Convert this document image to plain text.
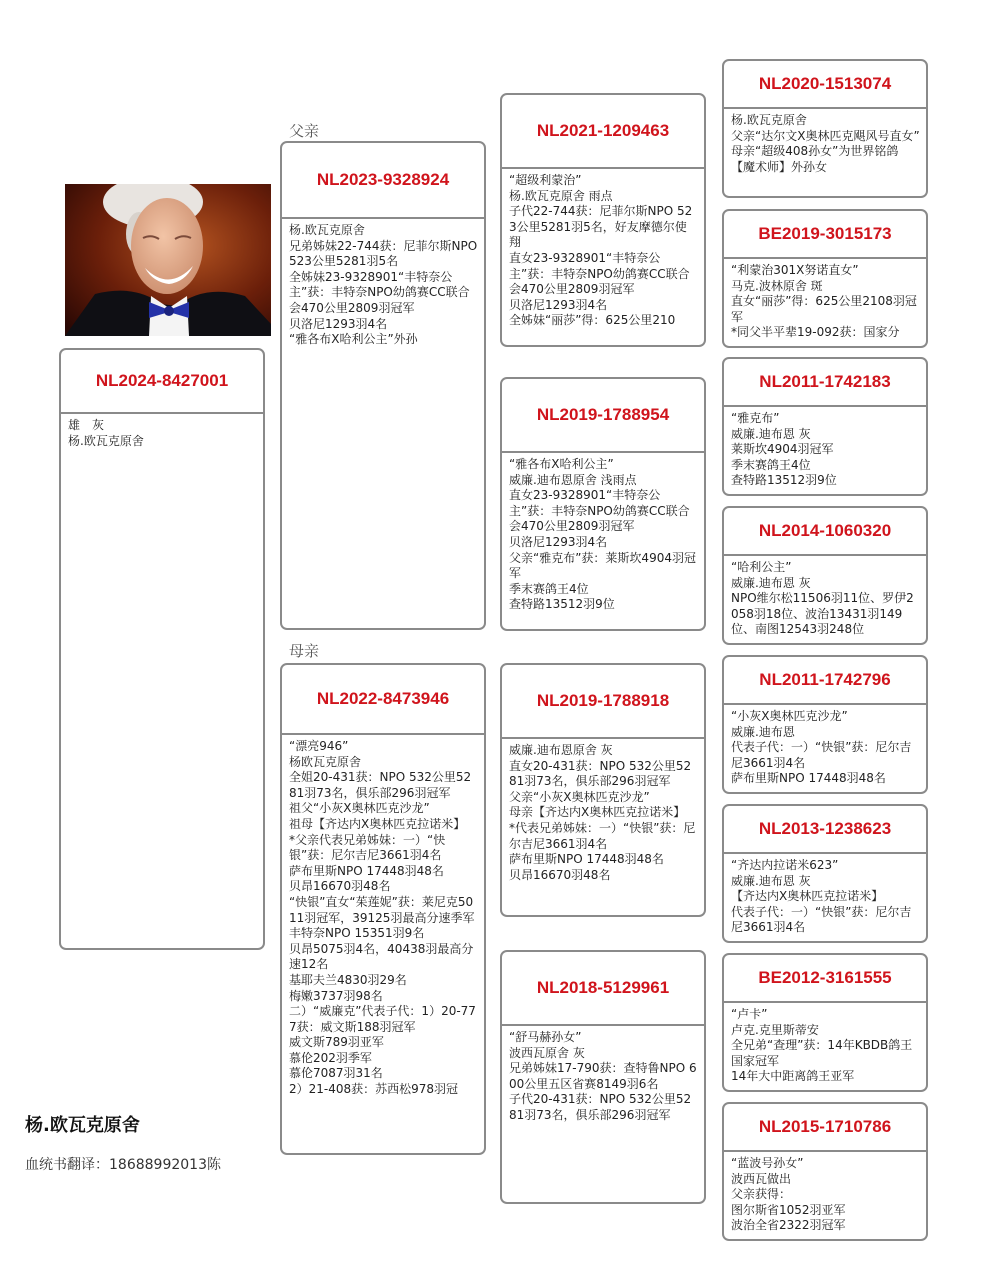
父亲
母亲
NL2024-8427001
雄　灰
杨.欧瓦克原舍
NL2023-9328924
杨.欧瓦克原舍
兄弟姊妹22-744获：尼菲尔斯NPO 523公里5281羽5名
全姊妹23-9328901“丰特奈公主”获：丰特奈NPO幼鸽赛CC联合会470公里2809羽冠军
贝洛尼1293羽4名
“雅各布X哈利公主”外孙
NL2022-8473946
“漂亮946”
杨欧瓦克原舍
全姐20-431获：NPO 532公里5281羽73名，俱乐部296羽冠军
祖父“小灰X奥林匹克沙龙”
祖母【齐达内X奥林匹克拉诺米】
*父亲代表兄弟姊妹：一）“快银”获：尼尔吉尼3661羽4名
萨布里斯NPO 17448羽48名
贝昂16670羽48名
“快银”直女“茱莲妮”获：莱尼克5011羽冠军，39125羽最高分速季军
丰特奈NPO 15351羽9名
贝昂5075羽4名，40438羽最高分速12名
基耶夫兰4830羽29名
梅嫩3737羽98名
二）“威廉克”代表子代：1）20-777获：威文斯188羽冠军
威文斯789羽亚军
慕伦202羽季军
慕伦7087羽31名
2）21-408获：苏西松978羽冠
NL2021-1209463
“超级利蒙治”
杨.欧瓦克原舍 雨点
子代22-744获：尼菲尔斯NPO 523公里5281羽5名，好友摩德尔使翔
直女23-9328901“丰特奈公主”获：丰特奈NPO幼鸽赛CC联合会470公里2809羽冠军
贝洛尼1293羽4名
全姊妹“丽莎”得：625公里210
NL2019-1788954
“雅各布X哈利公主”
威廉.迪布恩原舍 浅雨点
直女23-9328901“丰特奈公主”获：丰特奈NPO幼鸽赛CC联合会470公里2809羽冠军
贝洛尼1293羽4名
父亲“雅克布”获：莱斯坎4904羽冠军
季末赛鸽王4位
查特路13512羽9位
NL2019-1788918
威廉.迪布恩原舍 灰
直女20-431获：NPO 532公里5281羽73名，俱乐部296羽冠军
父亲“小灰X奥林匹克沙龙”
母亲【齐达内X奥林匹克拉诺米】
*代表兄弟姊妹：一）“快银”获：尼尔吉尼3661羽4名
萨布里斯NPO 17448羽48名
贝昂16670羽48名
NL2018-5129961
“舒马赫孙女”
波西瓦原舍 灰
兄弟姊妹17-790获：查特鲁NPO 600公里五区省赛8149羽6名
子代20-431获：NPO 532公里5281羽73名，俱乐部296羽冠军
NL2020-1513074
杨.欧瓦克原舍
父亲“达尔文X奥林匹克飓风号直女”
母亲“超级408孙女”为世界铭鸽【魔术师】外孙女
BE2019-3015173
“利蒙治301X努诺直女”
马克.波林原舍 斑
直女“丽莎”得：625公里2108羽冠军
*同父半平辈19-092获：国家分
NL2011-1742183
“雅克布”
威廉.迪布恩 灰
莱斯坎4904羽冠军
季末赛鸽王4位
查特路13512羽9位
NL2014-1060320
“哈利公主”
威廉.迪布恩 灰
NPO维尔松11506羽11位、罗伊2058羽18位、波治13431羽149位、南图12543羽248位
NL2011-1742796
“小灰X奥林匹克沙龙”
威廉.迪布恩
代表子代：一）“快银”获：尼尔吉尼3661羽4名
萨布里斯NPO 17448羽48名
NL2013-1238623
“齐达内拉诺米623”
威廉.迪布恩 灰
【齐达内X奥林匹克拉诺米】
代表子代：一）“快银”获：尼尔吉尼3661羽4名
BE2012-3161555
“卢卡”
卢克.克里斯蒂安
全兄弟“查理”获：14年KBDB鸽王国家冠军
14年大中距离鸽王亚军
NL2015-1710786
“蓝波号孙女”
波西瓦做出
父亲获得：
图尔斯省1052羽亚军
波治全省2322羽冠军
杨.欧瓦克原舍
血统书翻译：18688992013陈
